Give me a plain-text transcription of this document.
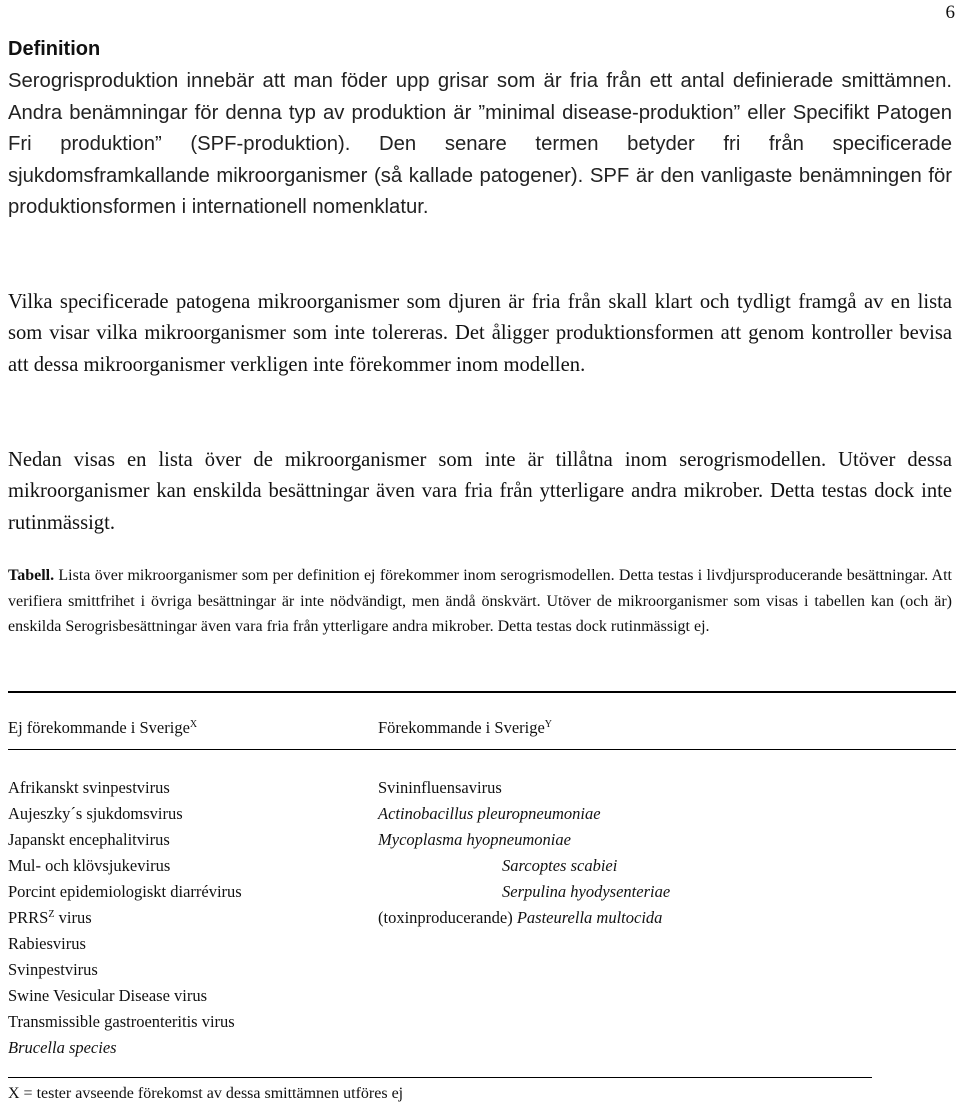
6
Definition

Serogrisproduktion innebär att man föder upp grisar som är fria från ett antal definierade smittämnen. Andra benämningar för denna typ av produktion är ”minimal disease-produktion” eller Specifikt Patogen Fri produktion” (SPF-produktion). Den senare termen betyder fri från specificerade sjukdomsframkallande mikroorganismer (så kallade patogener). SPF är den vanligaste benämningen för produktionsformen i internationell nomenklatur.

Vilka specificerade patogena mikroorganismer som djuren är fria från skall klart och tydligt framgå av en lista som visar vilka mikroorganismer som inte tolereras. Det åligger produktionsformen att genom kontroller bevisa att dessa mikroorganismer verkligen inte förekommer inom modellen.

Nedan visas en lista över de mikroorganismer som inte är tillåtna inom serogrismodellen. Utöver dessa mikroorganismer kan enskilda besättningar även vara fria från ytterligare andra mikrober. Detta testas dock inte rutinmässigt.

Tabell. Lista över mikroorganismer som per definition ej förekommer inom serogrismodellen. Detta testas i livdjursproducerande besättningar. Att verifiera smittfrihet i övriga besättningar är inte nödvändigt, men ändå önskvärt. Utöver de mikroorganismer som visas i tabellen kan (och är) enskilda Serogrisbesättningar även vara fria från ytterligare andra mikrober. Detta testas dock rutinmässigt ej.

Ej förekommande i Sverige$^X$	Förekommande i Sverige$^Y$
Afrikanskt svinpestvirus
Aujeszky´s sjukdomsvirus
Japanskt encephalitvirus
Mul- och klövsjukevirus
Porcint epidemiologiskt diarrévirus
$PRRS^Z$ virus
Rabiesvirus
Svinpestvirus
Swine Vesicular Disease virus
Transmissible gastroenteritis virus
Brucella species
Svininfluensavirus
Actinobacillus pleuropneumoniae
Mycoplasma hyopneumoniae
Sarcoptes scabiei
Serpulina hyodysenteriae
(toxinproducerande) Pasteurella multocida
X = tester avseende förekomst av dessa smittämnen utföres ej
